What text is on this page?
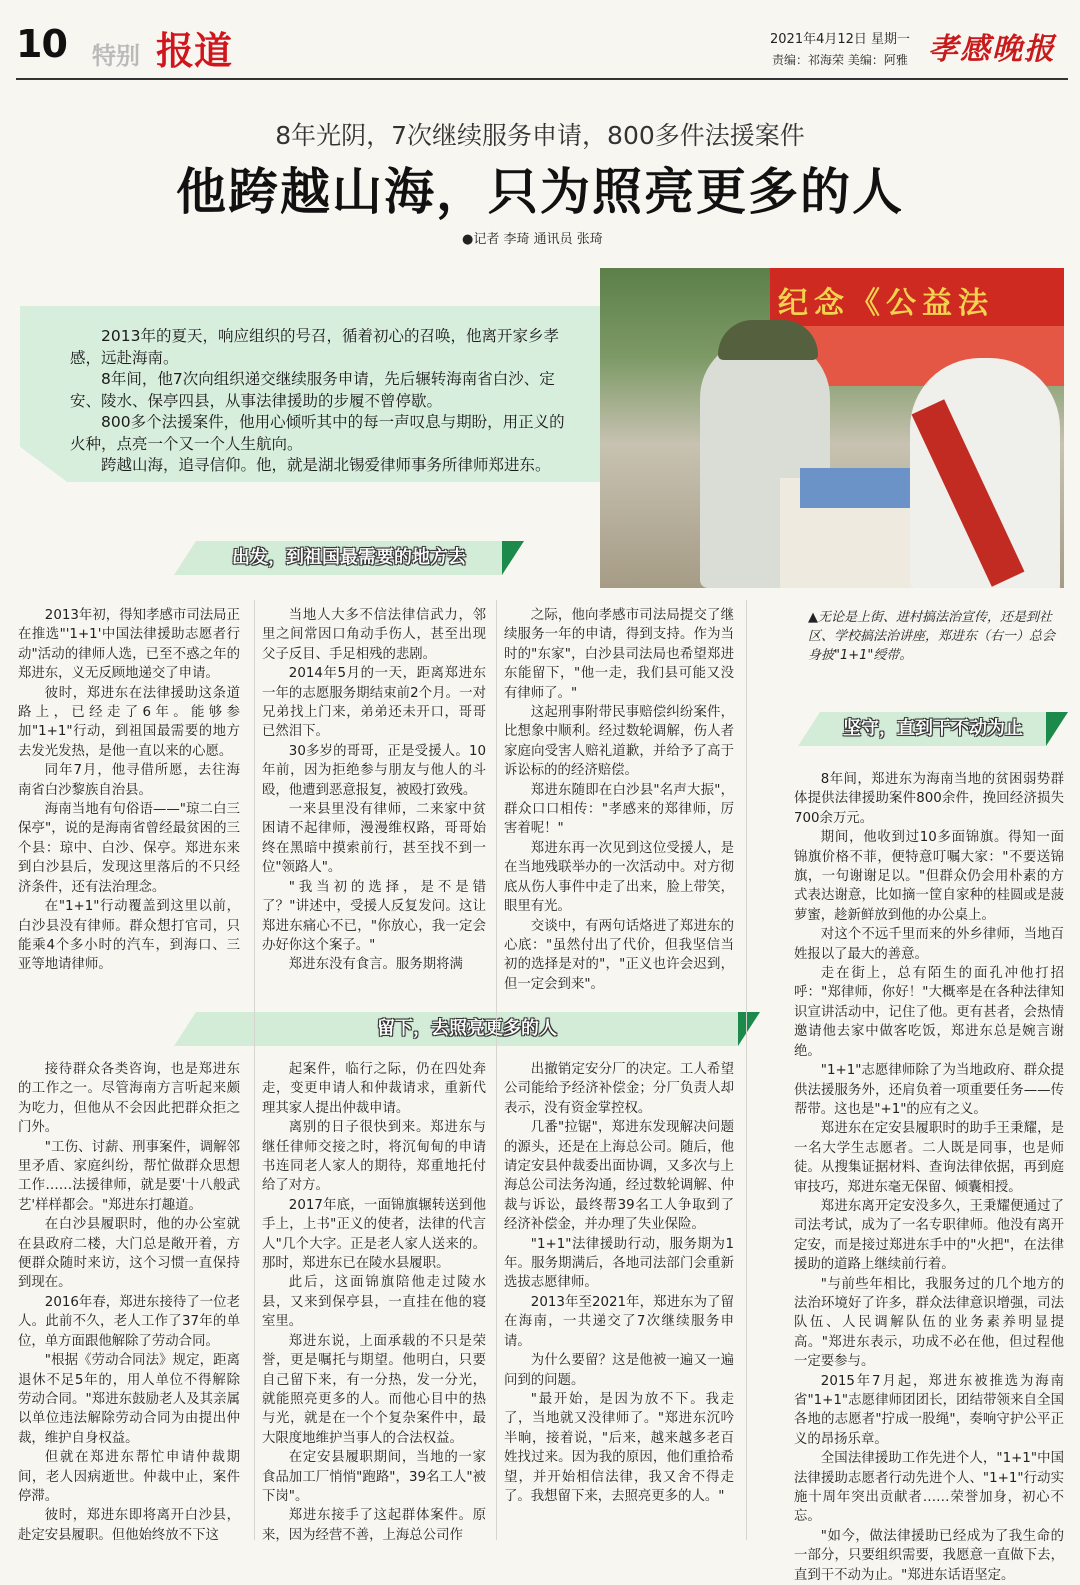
10 特别 报道	2021年4月12日 星期一
责编：祁海荣 美编：阿雅 孝感晚报
8年光阴，7次继续服务申请，800多件法援案件
他跨越山海，只为照亮更多的人
●记者 李琦 通讯员 张琦

2013年的夏天，响应组织的号召，循着初心的召唤，他离开家乡孝感，远赴海南。

8年间，他7次向组织递交继续服务申请，先后辗转海南省白沙、定安、陵水、保亭四县，从事法律援助的步履不曾停歇。

800多个法援案件，他用心倾听其中的每一声叹息与期盼，用正义的火种，点亮一个又一个人生航向。

跨越山海，追寻信仰。他，就是湖北锡爱律师事务所律师郑进东。

纪念《公益法
▲无论是上街、进村搞法治宣传，还是到社区、学校搞法治讲座，郑进东（右一）总会身披"1+1"绶带。
出发，到祖国最需要的地方去
坚守，直到干不动为止
留下，去照亮更多的人

2013年初，得知孝感市司法局正在推选"'1+1'中国法律援助志愿者行动"活动的律师人选，已至不惑之年的郑进东，义无反顾地递交了申请。

彼时，郑进东在法律援助这条道路上，已经走了6年。能够参加"1+1"行动，到祖国最需要的地方去发光发热，是他一直以来的心愿。

同年7月，他寻借所愿，去往海南省白沙黎族自治县。

海南当地有句俗语——"琼二白三保亭"，说的是海南省曾经最贫困的三个县：琼中、白沙、保亭。郑进东来到白沙县后，发现这里落后的不只经济条件，还有法治理念。

在"1+1"行动覆盖到这里以前，白沙县没有律师。群众想打官司，只能乘4个多小时的汽车，到海口、三亚等地请律师。

当地人大多不信法律信武力，邻里之间常因口角动手伤人，甚至出现父子反目、手足相残的悲剧。

2014年5月的一天，距离郑进东一年的志愿服务期结束前2个月。一对兄弟找上门来，弟弟还未开口，哥哥已然泪下。

30多岁的哥哥，正是受援人。10年前，因为拒绝参与朋友与他人的斗殴，他遭到恶意报复，被殴打致残。

一来县里没有律师，二来家中贫困请不起律师，漫漫维权路，哥哥始终在黑暗中摸索前行，甚至找不到一位"领路人"。

"我当初的选择，是不是错了？"讲述中，受援人反复发问。这让郑进东痛心不已，"你放心，我一定会办好你这个案子。"

郑进东没有食言。服务期将满

之际，他向孝感市司法局提交了继续服务一年的申请，得到支持。作为当时的"东家"，白沙县司法局也希望郑进东能留下，"他一走，我们县可能又没有律师了。"

这起刑事附带民事赔偿纠纷案件，比想象中顺利。经过数轮调解，伤人者家庭向受害人赔礼道歉，并给予了高于诉讼标的的经济赔偿。

郑进东随即在白沙县"名声大振"，群众口口相传："孝感来的郑律师，厉害着呢！"

郑进东再一次见到这位受援人，是在当地残联举办的一次活动中。对方彻底从伤人事件中走了出来，脸上带笑，眼里有光。

交谈中，有两句话烙进了郑进东的心底："虽然付出了代价，但我坚信当初的选择是对的"，"正义也许会迟到，但一定会到来"。

8年间，郑进东为海南当地的贫困弱势群体提供法律援助案件800余件，挽回经济损失700余万元。

期间，他收到过10多面锦旗。得知一面锦旗价格不菲，便特意叮嘱大家："不要送锦旗，一句谢谢足以。"但群众仍会用朴素的方式表达谢意，比如摘一筐自家种的桂圆或是菠萝蜜，趁新鲜放到他的办公桌上。

对这个不远千里而来的外乡律师，当地百姓报以了最大的善意。

走在街上，总有陌生的面孔冲他打招呼："郑律师，你好！"大概率是在各种法律知识宣讲活动中，记住了他。更有甚者，会热情邀请他去家中做客吃饭，郑进东总是婉言谢绝。

"1+1"志愿律师除了为当地政府、群众提供法援服务外，还肩负着一项重要任务——传帮带。这也是"+1"的应有之义。

郑进东在定安县履职时的助手王秉耀，是一名大学生志愿者。二人既是同事，也是师徒。从搜集证据材料、查询法律依据，再到庭审技巧，郑进东毫无保留、倾囊相授。

郑进东离开定安没多久，王秉耀便通过了司法考试，成为了一名专职律师。他没有离开定安，而是接过郑进东手中的"火把"，在法律援助的道路上继续前行着。

"与前些年相比，我服务过的几个地方的法治环境好了许多，群众法律意识增强，司法队伍、人民调解队伍的业务素养明显提高。"郑进东表示，功成不必在他，但过程他一定要参与。

2015年7月起，郑进东被推选为海南省"1+1"志愿律师团团长，团结带领来自全国各地的志愿者"拧成一股绳"，奏响守护公平正义的昂扬乐章。

全国法律援助工作先进个人，"1+1"中国法律援助志愿者行动先进个人、"1+1"行动实施十周年突出贡献者……荣誉加身，初心不忘。

"如今，做法律援助已经成为了我生命的一部分，只要组织需要，我愿意一直做下去，直到干不动为止。"郑进东话语坚定。

接待群众各类咨询，也是郑进东的工作之一。尽管海南方言听起来颇为吃力，但他从不会因此把群众拒之门外。

"工伤、讨薪、刑事案件，调解邻里矛盾、家庭纠纷，帮忙做群众思想工作……法援律师，就是要'十八般武艺'样样都会。"郑进东打趣道。

在白沙县履职时，他的办公室就在县政府二楼，大门总是敞开着，方便群众随时来访，这个习惯一直保持到现在。

2016年春，郑进东接待了一位老人。此前不久，老人工作了37年的单位，单方面跟他解除了劳动合同。

"根据《劳动合同法》规定，距离退休不足5年的，用人单位不得解除劳动合同。"郑进东鼓励老人及其亲属以单位违法解除劳动合同为由提出仲裁，维护自身权益。

但就在郑进东帮忙申请仲裁期间，老人因病逝世。仲裁中止，案件停滞。

彼时，郑进东即将离开白沙县，赴定安县履职。但他始终放不下这

起案件，临行之际，仍在四处奔走，变更申请人和仲裁请求，重新代理其家人提出仲裁申请。

离别的日子很快到来。郑进东与继任律师交接之时，将沉甸甸的申请书连同老人家人的期待，郑重地托付给了对方。

2017年底，一面锦旗辗转送到他手上，上书"正义的使者，法律的代言人"几个大字。正是老人家人送来的。那时，郑进东已在陵水县履职。

此后，这面锦旗陪他走过陵水县，又来到保亭县，一直挂在他的寝室里。

郑进东说，上面承载的不只是荣誉，更是嘱托与期望。他明白，只要自己留下来，有一分热，发一分光，就能照亮更多的人。而他心目中的热与光，就是在一个个复杂案件中，最大限度地维护当事人的合法权益。

在定安县履职期间，当地的一家食品加工厂悄悄"跑路"，39名工人"被下岗"。

郑进东接手了这起群体案件。原来，因为经营不善，上海总公司作

出撤销定安分厂的决定。工人希望公司能给予经济补偿金；分厂负责人却表示，没有资金掌控权。

几番"拉锯"，郑进东发现解决问题的源头，还是在上海总公司。随后，他请定安县仲裁委出面协调，又多次与上海总公司法务沟通，经过数轮调解、仲裁与诉讼，最终帮39名工人争取到了经济补偿金，并办理了失业保险。

"1+1"法律援助行动，服务期为1年。服务期满后，各地司法部门会重新选拔志愿律师。

2013年至2021年，郑进东为了留在海南，一共递交了7次继续服务申请。

为什么要留？这是他被一遍又一遍问到的问题。

"最开始，是因为放不下。我走了，当地就又没律师了。"郑进东沉吟半晌，接着说，"后来，越来越多老百姓找过来。因为我的原因，他们重拾希望，并开始相信法律，我又舍不得走了。我想留下来，去照亮更多的人。"
